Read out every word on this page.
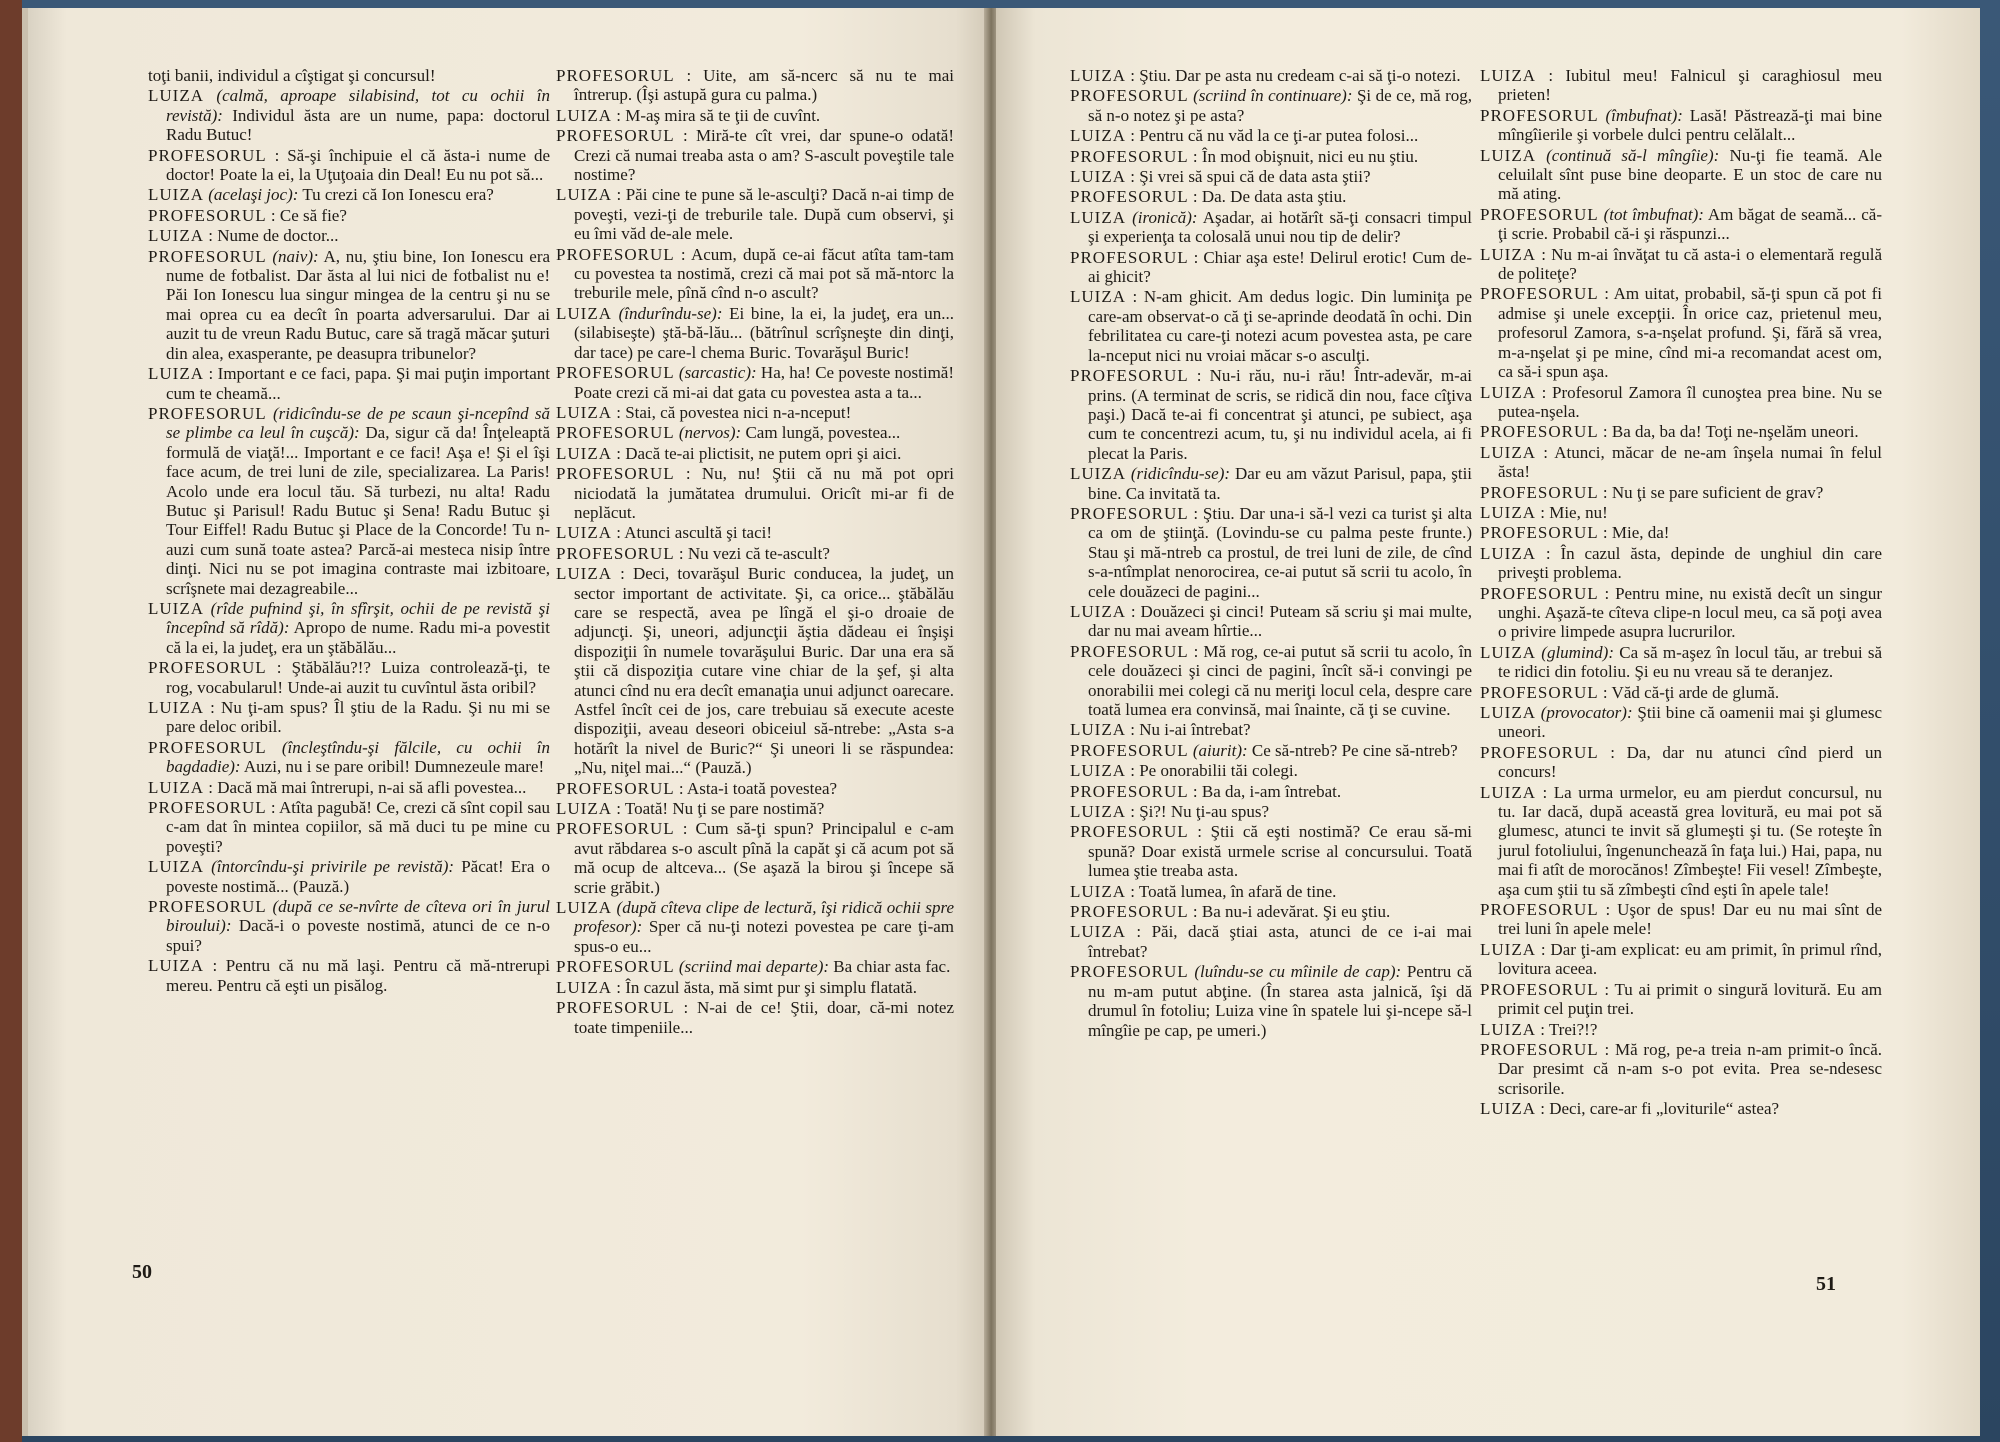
toţi banii, individul a cîştigat şi concursul!

LUIZA (calmă, aproape silabisind, tot cu ochii în revistă): Individul ăsta are un nume, papa: doctorul Radu Butuc!

PROFESORUL : Să-şi închipuie el că ăsta-i nume de doctor! Poate la ei, la Uţuţoaia din Deal! Eu nu pot să...

LUIZA (acelaşi joc): Tu crezi că Ion Ionescu era?

PROFESORUL : Ce să fie?

LUIZA : Nume de doctor...

PROFESORUL (naiv): A, nu, ştiu bine, Ion Ionescu era nume de fotbalist. Dar ăsta al lui nici de fotbalist nu e! Păi Ion Ionescu lua singur mingea de la centru şi nu se mai oprea cu ea decît în poarta adversarului. Dar ai auzit tu de vreun Radu Butuc, care să tragă măcar şuturi din alea, exasperante, pe deasupra tribunelor?

LUIZA : Important e ce faci, papa. Şi mai puţin important cum te cheamă...

PROFESORUL (ridicîndu-se de pe scaun şi-ncepînd să se plimbe ca leul în cuşcă): Da, sigur că da! Înţeleaptă formulă de viaţă!... Important e ce faci! Aşa e! Şi el îşi face acum, de trei luni de zile, specializarea. La Paris! Acolo unde era locul tău. Să turbezi, nu alta! Radu Butuc şi Parisul! Radu Butuc şi Sena! Radu Butuc şi Tour Eiffel! Radu Butuc şi Place de la Concorde! Tu n-auzi cum sună toate astea? Parcă-ai mesteca nisip între dinţi. Nici nu se pot imagina contraste mai izbitoare, scrîşnete mai dezagreabile...

LUIZA (rîde pufnind şi, în sfîrşit, ochii de pe revistă şi începînd să rîdă): Apropo de nume. Radu mi-a povestit că la ei, la judeţ, era un ştăbălău...

PROFESORUL : Ştăbălău?!? Luiza controlează-ţi, te rog, vocabularul! Unde-ai auzit tu cuvîntul ăsta oribil?

LUIZA : Nu ţi-am spus? Îl ştiu de la Radu. Şi nu mi se pare deloc oribil.

PROFESORUL (încleştîndu-şi fălcile, cu ochii în bagdadie): Auzi, nu i se pare oribil! Dumnezeule mare!

LUIZA : Dacă mă mai întrerupi, n-ai să afli povestea...

PROFESORUL : Atîta pagubă! Ce, crezi că sînt copil sau c-am dat în mintea copiilor, să mă duci tu pe mine cu poveşti?

LUIZA (întorcîndu-şi privirile pe revistă): Păcat! Era o poveste nostimă... (Pauză.)

PROFESORUL (după ce se-nvîrte de cîteva ori în jurul biroului): Dacă-i o poveste nostimă, atunci de ce n-o spui?

LUIZA : Pentru că nu mă laşi. Pentru că mă-ntrerupi mereu. Pentru că eşti un pisălog.

PROFESORUL : Uite, am să-ncerc să nu te mai întrerup. (Îşi astupă gura cu palma.)

LUIZA : M-aş mira să te ţii de cuvînt.

PROFESORUL : Miră-te cît vrei, dar spune-o odată! Crezi că numai treaba asta o am? S-ascult poveştile tale nostime?

LUIZA : Păi cine te pune să le-asculţi? Dacă n-ai timp de poveşti, vezi-ţi de treburile tale. După cum observi, şi eu îmi văd de-ale mele.

PROFESORUL : Acum, după ce-ai făcut atîta tam-tam cu povestea ta nostimă, crezi că mai pot să mă-ntorc la treburile mele, pînă cînd n-o ascult?

LUIZA (îndurîndu-se): Ei bine, la ei, la judeţ, era un... (silabiseşte) ştă-bă-lău... (bătrînul scrîşneşte din dinţi, dar tace) pe care-l chema Buric. Tovarăşul Buric!

PROFESORUL (sarcastic): Ha, ha! Ce poveste nostimă! Poate crezi că mi-ai dat gata cu povestea asta a ta...

LUIZA : Stai, că povestea nici n-a-nceput!

PROFESORUL (nervos): Cam lungă, povestea...

LUIZA : Dacă te-ai plictisit, ne putem opri şi aici.

PROFESORUL : Nu, nu! Ştii că nu mă pot opri niciodată la jumătatea drumului. Oricît mi-ar fi de neplăcut.

LUIZA : Atunci ascultă şi taci!

PROFESORUL : Nu vezi că te-ascult?

LUIZA : Deci, tovarăşul Buric conducea, la judeţ, un sector important de activitate. Şi, ca orice... ştăbălău care se respectă, avea pe lîngă el şi-o droaie de adjuncţi. Şi, uneori, adjuncţii ăştia dădeau ei înşişi dispoziţii în numele tovarăşului Buric. Dar una era să ştii că dispoziţia cutare vine chiar de la şef, şi alta atunci cînd nu era decît emanaţia unui adjunct oarecare. Astfel încît cei de jos, care trebuiau să execute aceste dispoziţii, aveau deseori obiceiul să-ntrebe: „Asta s-a hotărît la nivel de Buric?“ Şi uneori li se răspundea: „Nu, niţel mai...“ (Pauză.)

PROFESORUL : Asta-i toată povestea?

LUIZA : Toată! Nu ţi se pare nostimă?

PROFESORUL : Cum să-ţi spun? Principalul e c-am avut răbdarea s-o ascult pînă la capăt şi că acum pot să mă ocup de altceva... (Se aşază la birou şi începe să scrie grăbit.)

LUIZA (după cîteva clipe de lectură, îşi ridică ochii spre profesor): Sper că nu-ţi notezi povestea pe care ţi-am spus-o eu...

PROFESORUL (scriind mai departe): Ba chiar asta fac.

LUIZA : În cazul ăsta, mă simt pur şi simplu flatată.

PROFESORUL : N-ai de ce! Ştii, doar, că-mi notez toate timpeniile...

50

LUIZA : Ştiu. Dar pe asta nu credeam c-ai să ţi-o notezi.

PROFESORUL (scriind în continuare): Şi de ce, mă rog, să n-o notez şi pe asta?

LUIZA : Pentru că nu văd la ce ţi-ar putea folosi...

PROFESORUL : În mod obişnuit, nici eu nu ştiu.

LUIZA : Şi vrei să spui că de data asta ştii?

PROFESORUL : Da. De data asta ştiu.

LUIZA (ironică): Aşadar, ai hotărît să-ţi consacri timpul şi experienţa ta colosală unui nou tip de delir?

PROFESORUL : Chiar aşa este! Delirul erotic! Cum de-ai ghicit?

LUIZA : N-am ghicit. Am dedus logic. Din luminiţa pe care-am observat-o că ţi se-aprinde deodată în ochi. Din febrilitatea cu care-ţi notezi acum povestea asta, pe care la-nceput nici nu vroiai măcar s-o asculţi.

PROFESORUL : Nu-i rău, nu-i rău! Într-adevăr, m-ai prins. (A terminat de scris, se ridică din nou, face cîţiva paşi.) Dacă te-ai fi concentrat şi atunci, pe subiect, aşa cum te concentrezi acum, tu, şi nu individul acela, ai fi plecat la Paris.

LUIZA (ridicîndu-se): Dar eu am văzut Parisul, papa, ştii bine. Ca invitată ta.

PROFESORUL : Ştiu. Dar una-i să-l vezi ca turist şi alta ca om de ştiinţă. (Lovindu-se cu palma peste frunte.) Stau şi mă-ntreb ca prostul, de trei luni de zile, de cînd s-a-ntîmplat nenorocirea, ce-ai putut să scrii tu acolo, în cele douăzeci de pagini...

LUIZA : Douăzeci şi cinci! Puteam să scriu şi mai multe, dar nu mai aveam hîrtie...

PROFESORUL : Mă rog, ce-ai putut să scrii tu acolo, în cele douăzeci şi cinci de pagini, încît să-i convingi pe onorabilii mei colegi că nu meriţi locul cela, despre care toată lumea era convinsă, mai înainte, că ţi se cuvine.

LUIZA : Nu i-ai întrebat?

PROFESORUL (aiurit): Ce să-ntreb? Pe cine să-ntreb?

LUIZA : Pe onorabilii tăi colegi.

PROFESORUL : Ba da, i-am întrebat.

LUIZA : Şi?! Nu ţi-au spus?

PROFESORUL : Ştii că eşti nostimă? Ce erau să-mi spună? Doar există urmele scrise al concursului. Toată lumea ştie treaba asta.

LUIZA : Toată lumea, în afară de tine.

PROFESORUL : Ba nu-i adevărat. Şi eu ştiu.

LUIZA : Păi, dacă ştiai asta, atunci de ce i-ai mai întrebat?

PROFESORUL (luîndu-se cu mîinile de cap): Pentru că nu m-am putut abţine. (În starea asta jalnică, îşi dă drumul în fotoliu; Luiza vine în spatele lui şi-ncepe să-l mîngîie pe cap, pe umeri.)

LUIZA : Iubitul meu! Falnicul şi caraghiosul meu prieten!

PROFESORUL (îmbufnat): Lasă! Păstrează-ţi mai bine mîngîierile şi vorbele dulci pentru celălalt...

LUIZA (continuă să-l mîngîie): Nu-ţi fie teamă. Ale celuilalt sînt puse bine deoparte. E un stoc de care nu mă ating.

PROFESORUL (tot îmbufnat): Am băgat de seamă... că-ţi scrie. Probabil că-i şi răspunzi...

LUIZA : Nu m-ai învăţat tu că asta-i o elementară regulă de politeţe?

PROFESORUL : Am uitat, probabil, să-ţi spun că pot fi admise şi unele excepţii. În orice caz, prietenul meu, profesorul Zamora, s-a-nşelat profund. Şi, fără să vrea, m-a-nşelat şi pe mine, cînd mi-a recomandat acest om, ca să-i spun aşa.

LUIZA : Profesorul Zamora îl cunoştea prea bine. Nu se putea-nşela.

PROFESORUL : Ba da, ba da! Toţi ne-nşelăm uneori.

LUIZA : Atunci, măcar de ne-am înşela numai în felul ăsta!

PROFESORUL : Nu ţi se pare suficient de grav?

LUIZA : Mie, nu!

PROFESORUL : Mie, da!

LUIZA : În cazul ăsta, depinde de unghiul din care priveşti problema.

PROFESORUL : Pentru mine, nu există decît un singur unghi. Aşază-te cîteva clipe-n locul meu, ca să poţi avea o privire limpede asupra lucrurilor.

LUIZA (glumind): Ca să m-aşez în locul tău, ar trebui să te ridici din fotoliu. Şi eu nu vreau să te deranjez.

PROFESORUL : Văd că-ţi arde de glumă.

LUIZA (provocator): Ştii bine că oamenii mai şi glumesc uneori.

PROFESORUL : Da, dar nu atunci cînd pierd un concurs!

LUIZA : La urma urmelor, eu am pierdut concursul, nu tu. Iar dacă, după această grea lovitură, eu mai pot să glumesc, atunci te invit să glumeşti şi tu. (Se roteşte în jurul fotoliului, îngenunchează în faţa lui.) Hai, papa, nu mai fi atît de morocănos! Zîmbeşte! Fii vesel! Zîmbeşte, aşa cum ştii tu să zîmbeşti cînd eşti în apele tale!

PROFESORUL : Uşor de spus! Dar eu nu mai sînt de trei luni în apele mele!

LUIZA : Dar ţi-am explicat: eu am primit, în primul rînd, lovitura aceea.

PROFESORUL : Tu ai primit o singură lovitură. Eu am primit cel puţin trei.

LUIZA : Trei?!?

PROFESORUL : Mă rog, pe-a treia n-am primit-o încă. Dar presimt că n-am s-o pot evita. Prea se-ndesesc scrisorile.

LUIZA : Deci, care-ar fi „loviturile“ astea?

51
